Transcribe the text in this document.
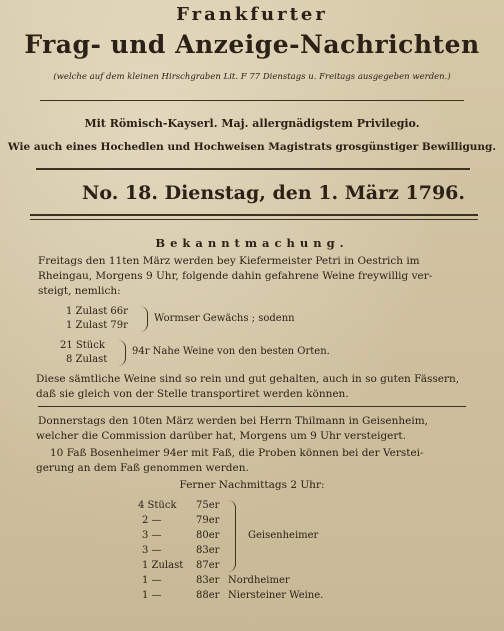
Frankfurter
Frag- und Anzeige-Nachrichten
(welche auf dem kleinen Hirschgraben Lit. F 77 Dienstags u. Freitags ausgegeben werden.)
Mit Römisch-Kayserl. Maj. allergnädigstem Privilegio.
Wie auch eines Hochedlen und Hochweisen Magistrats grosgünstiger Bewilligung.
No. 18. Dienstag, den 1. März 1796.
Bekanntmachung.
Freitags den 11ten März werden bey Kiefermeister Petri in Oestrich im
Rheingau, Morgens 9 Uhr, folgende dahin gefahrene Weine freywillig ver-
steigt, nemlich:
1 Zulast 66r
1 Zulast 79r
Wormser Gewächs ; sodenn
21 Stück
8 Zulast
94r Nahe Weine von den besten Orten.
Diese sämtliche Weine sind so rein und gut gehalten, auch in so guten Fässern,
daß sie gleich von der Stelle transportiret werden können.
Donnerstags den 10ten März werden bei Herrn Thilmann in Geisenheim,
welcher die Commission darüber hat, Morgens um 9 Uhr versteigert.
10 Faß Bosenheimer 94er mit Faß, die Proben können bei der Verstei-
gerung an dem Faß genommen werden.
Ferner Nachmittags 2 Uhr:
4 Stück 75er
2 —	79er
3 —	80er
3 —	83er
1 Zulast 87er
Geisenheimer
1 —	83er Nordheimer
1 —	88er Niersteiner Weine.
